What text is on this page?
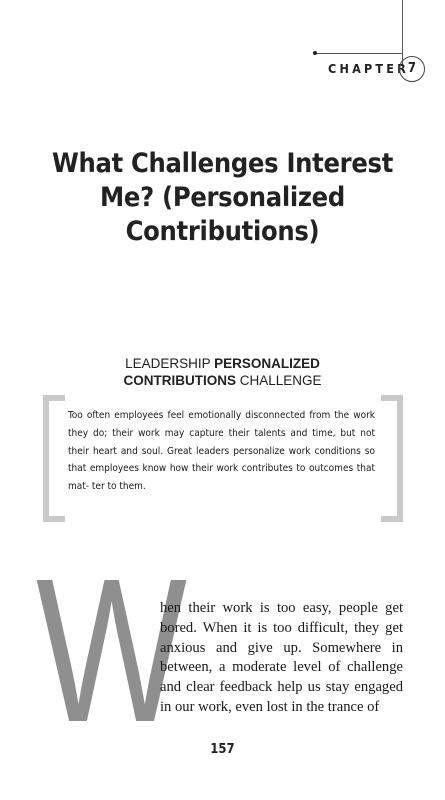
CHAPTER
7
What Challenges Interest
Me? (Personalized
Contributions)

LEADERSHIP PERSONALIZED
CONTRIBUTIONS CHALLENGE

Too often employees feel emotionally disconnected from the work they do; their work may capture their talents and time, but not their heart and soul. Great leaders personalize work conditions so that employees know how their work contributes to outcomes that mat- ter to them.

W

hen their work is too easy, people get bored. When it is too difficult, they get anxious and give up. Somewhere in between, a moderate level of challenge and clear feedback help us stay engaged in our work, even lost in the trance of

157
